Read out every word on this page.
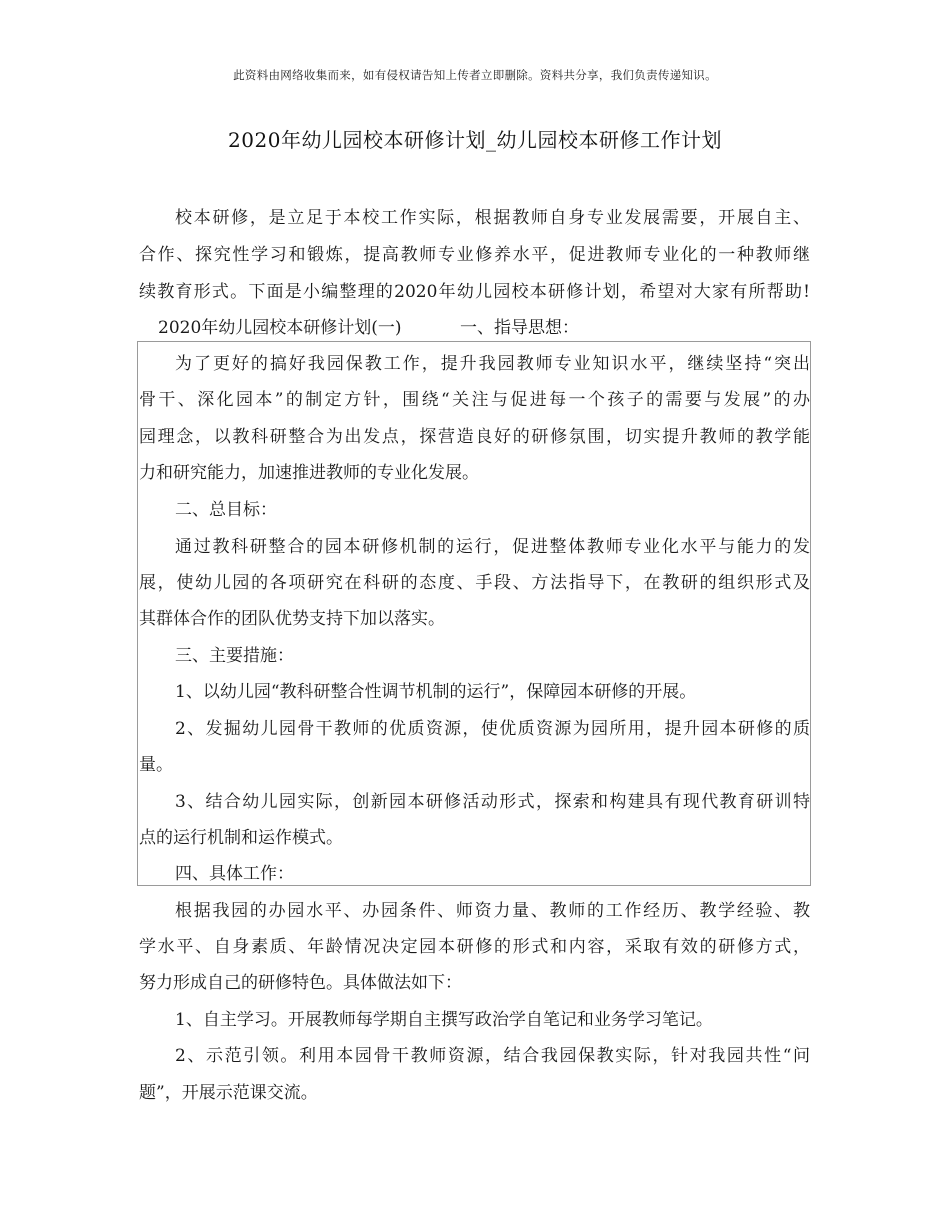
此资料由网络收集而来，如有侵权请告知上传者立即删除。资料共分享，我们负责传递知识。
2020年幼儿园校本研修计划_幼儿园校本研修工作计划
校本研修，是立足于本校工作实际，根据教师自身专业发展需要，开展自主、
合作、探究性学习和锻炼，提高教师专业修养水平，促进教师专业化的一种教师继
续教育形式。下面是小编整理的2020年幼儿园校本研修计划，希望对大家有所帮助!
2020年幼儿园校本研修计划(一)	一、指导思想：
为了更好的搞好我园保教工作，提升我园教师专业知识水平，继续坚持“突出
骨干、深化园本”的制定方针，围绕“关注与促进每一个孩子的需要与发展”的办
园理念，以教科研整合为出发点，探营造良好的研修氛围，切实提升教师的教学能
力和研究能力，加速推进教师的专业化发展。
二、总目标：
通过教科研整合的园本研修机制的运行，促进整体教师专业化水平与能力的发
展，使幼儿园的各项研究在科研的态度、手段、方法指导下，在教研的组织形式及
其群体合作的团队优势支持下加以落实。
三、主要措施：
1、以幼儿园“教科研整合性调节机制的运行”，保障园本研修的开展。
2、发掘幼儿园骨干教师的优质资源，使优质资源为园所用，提升园本研修的质
量。
3、结合幼儿园实际，创新园本研修活动形式，探索和构建具有现代教育研训特
点的运行机制和运作模式。
四、具体工作：
根据我园的办园水平、办园条件、师资力量、教师的工作经历、教学经验、教
学水平、自身素质、年龄情况决定园本研修的形式和内容，采取有效的研修方式，
努力形成自己的研修特色。具体做法如下：
1、自主学习。开展教师每学期自主撰写政治学自笔记和业务学习笔记。
2、示范引领。利用本园骨干教师资源，结合我园保教实际，针对我园共性“问
题”，开展示范课交流。
